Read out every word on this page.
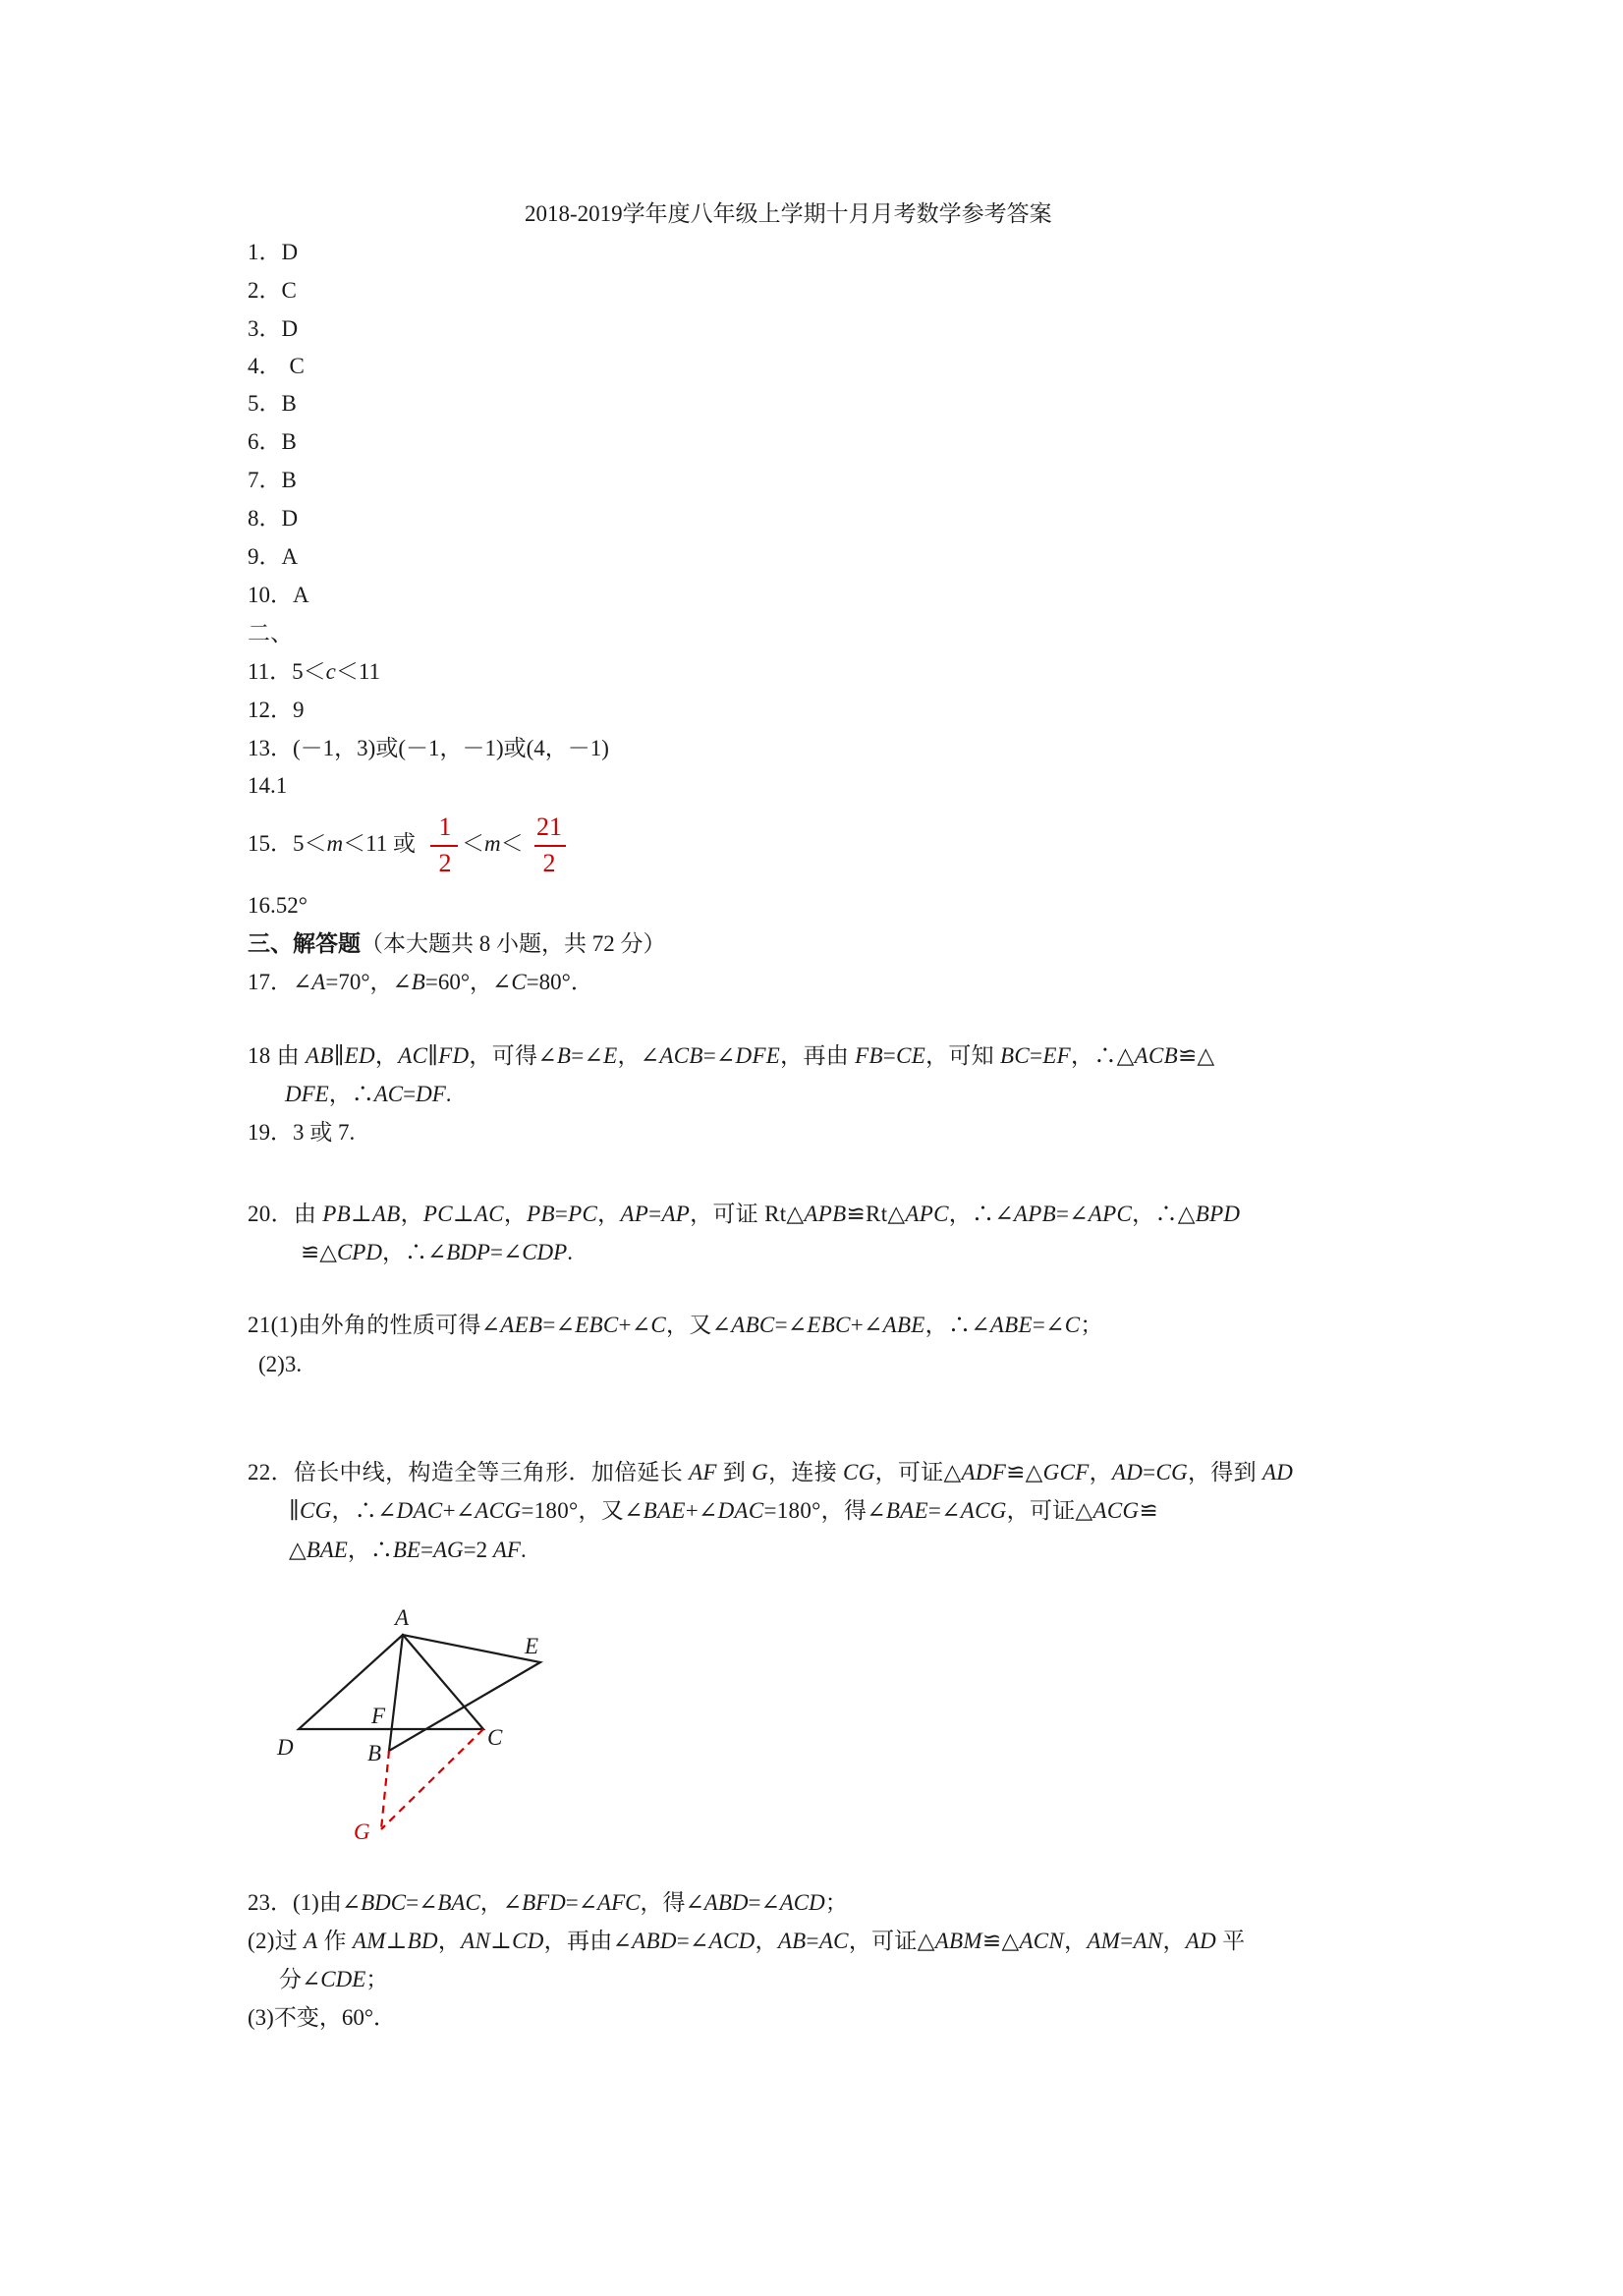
2018-2019学年度八年级上学期十月月考数学参考答案
1．D
2．C
3．D
4． C
5．B
6．B
7．B
8．D
9．A
10．A
二、
11．5＜c＜11
12．9
13．(－1，3)或(－1，－1)或(4，－1)
14.1
15．5＜m＜11 或
1
2
＜m＜
21
2
16.52°
三、解答题（本大题共 8 小题，共 72 分）
17．∠A=70°，∠B=60°，∠C=80°．
18 由 AB∥ED，AC∥FD，可得∠B=∠E，∠ACB=∠DFE，再由 FB=CE，可知 BC=EF，∴△ACB≌△
DFE，∴AC=DF.
19．3 或 7.
20．由 PB⊥AB，PC⊥AC，PB=PC，AP=AP，可证 Rt△APB≌Rt△APC，∴∠APB=∠APC，∴△BPD
≌△CPD，∴∠BDP=∠CDP.
21(1)由外角的性质可得∠AEB=∠EBC+∠C，又∠ABC=∠EBC+∠ABE，∴∠ABE=∠C；
(2)3.
22．倍长中线，构造全等三角形．加倍延长 AF 到 G，连接 CG，可证△ADF≌△GCF，AD=CG，得到 AD
∥CG，∴∠DAC+∠ACG=180°，又∠BAE+∠DAC=180°，得∠BAE=∠ACG，可证△ACG≌
△BAE，∴BE=AG=2 AF.
A
E
F
D	B
C
G
23．(1)由∠BDC=∠BAC，∠BFD=∠AFC，得∠ABD=∠ACD；
(2)过 A 作 AM⊥BD，AN⊥CD，再由∠ABD=∠ACD，AB=AC，可证△ABM≌△ACN，AM=AN，AD 平
分∠CDE；
(3)不变，60°．
